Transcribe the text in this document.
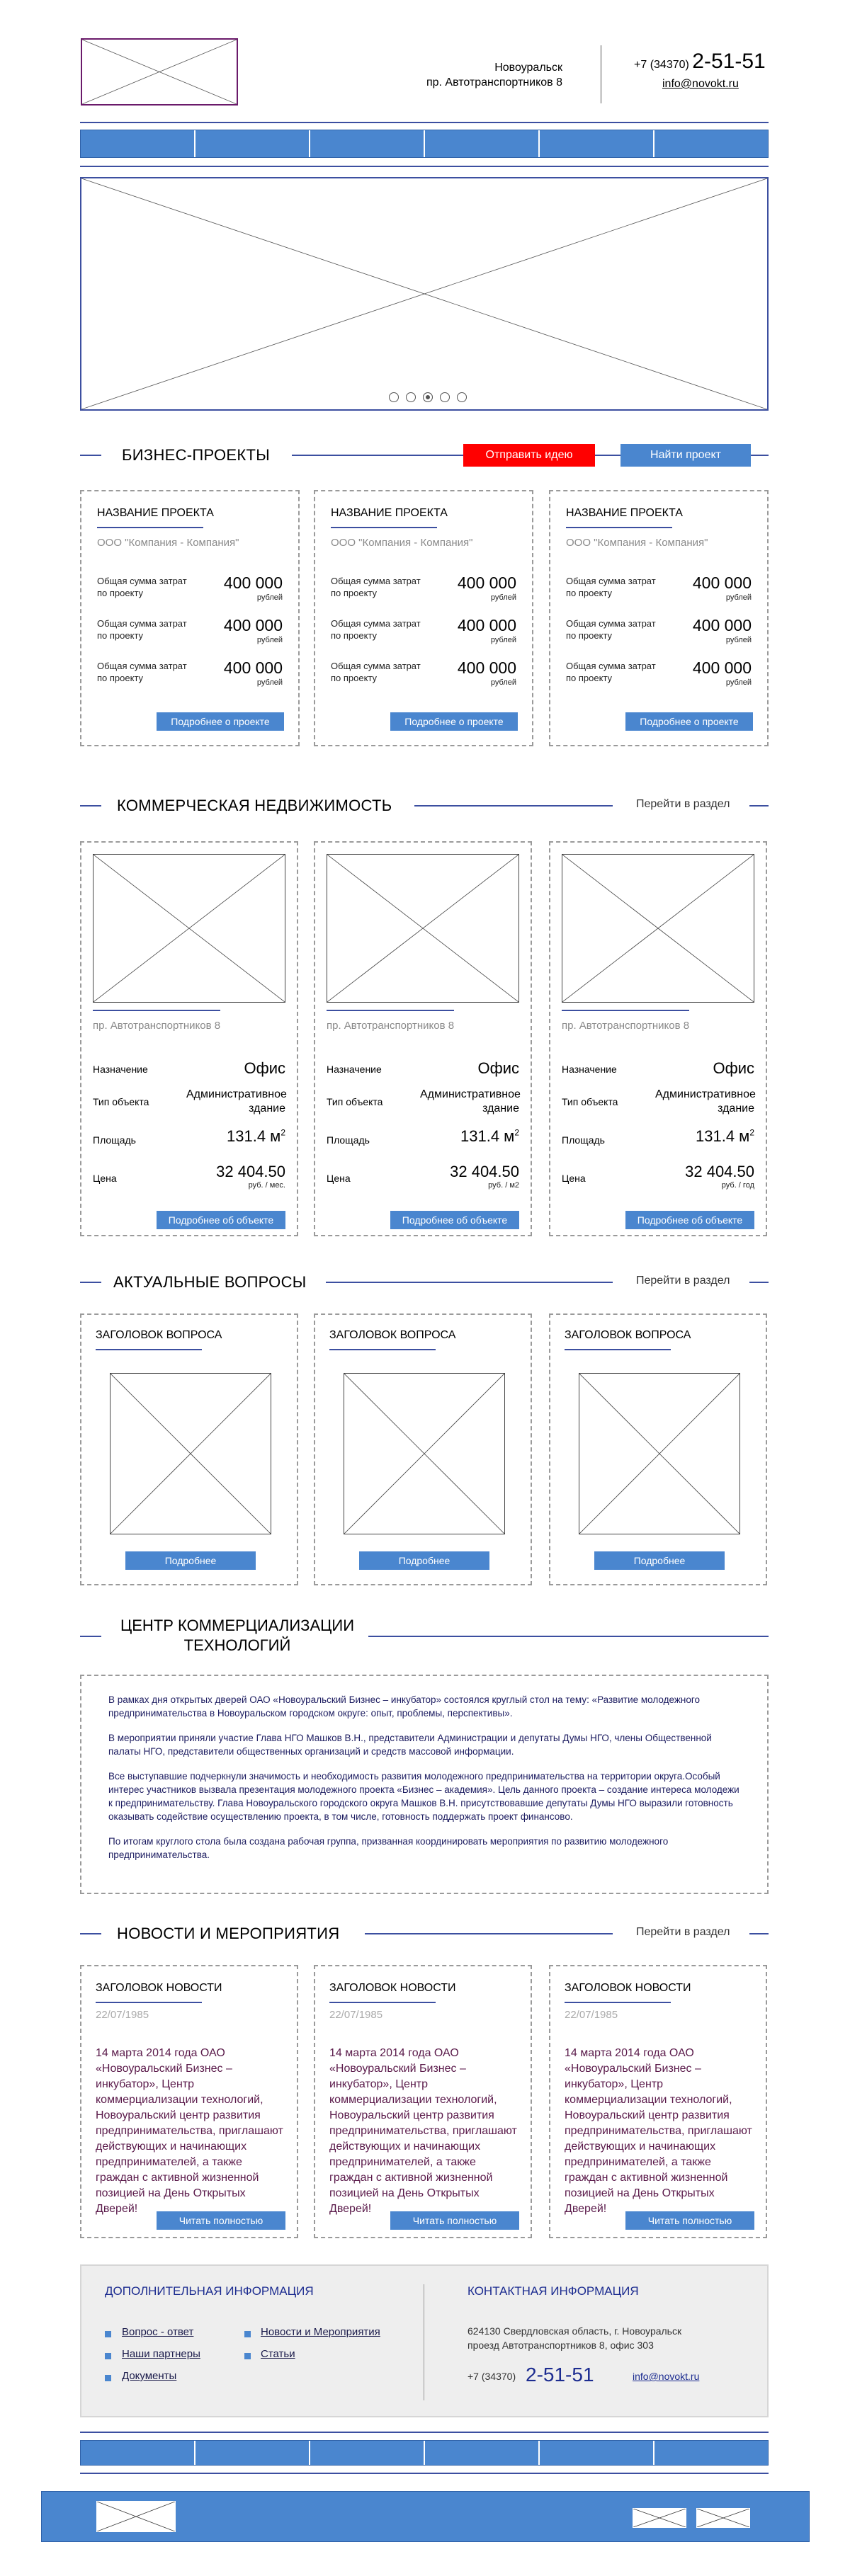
Новоуральск
пр. Автотранспортников 8
+7 (34370) 2-51-51
info@novokt.ru
БИЗНЕС-ПРОЕКТЫ	Отправить идею	Найти проект
НАЗВАНИЕ ПРОЕКТА
ООО "Компания - Компания"
Общая сумма затрат по проекту
400 000
рублей
Общая сумма затрат по проекту
400 000
рублей
Общая сумма затрат по проекту
400 000
рублей
Подробнее о проекте
НАЗВАНИЕ ПРОЕКТА
ООО "Компания - Компания"
Общая сумма затрат по проекту
400 000
рублей
Общая сумма затрат по проекту
400 000
рублей
Общая сумма затрат по проекту
400 000
рублей
Подробнее о проекте
НАЗВАНИЕ ПРОЕКТА
ООО "Компания - Компания"
Общая сумма затрат по проекту
400 000
рублей
Общая сумма затрат по проекту
400 000
рублей
Общая сумма затрат по проекту
400 000
рублей
Подробнее о проекте
КОММЕРЧЕСКАЯ НЕДВИЖИМОСТЬ	Перейти в раздел
пр. Автотранспортников 8
Назначение	Офис
Тип объекта
Административное здание
Площадь	131.4 $м^2$
Цена	32 404.50
руб. / мес.
Подробнее об объекте
пр. Автотранспортников 8
Назначение	Офис
Тип объекта
Административное здание
Площадь	131.4 $м^2$
Цена	32 404.50
руб. / м2
Подробнее об объекте
пр. Автотранспортников 8
Назначение	Офис
Тип объекта
Административное здание
Площадь	131.4 $м^2$
Цена	32 404.50
руб. / год
Подробнее об объекте
АКТУАЛЬНЫЕ ВОПРОСЫ	Перейти в раздел
ЗАГОЛОВОК ВОПРОСА
Подробнее
ЗАГОЛОВОК ВОПРОСА
Подробнее
ЗАГОЛОВОК ВОПРОСА
Подробнее
ЦЕНТР КОММЕРЦИАЛИЗАЦИИ
ТЕХНОЛОГИЙ

В рамках дня открытых дверей ОАО «Новоуральский Бизнес – инкубатор» состоялся круглый стол на тему: «Развитие молодежного предпринимательства в Новоуральском городском округе: опыт, проблемы, перспективы».

В мероприятии приняли участие Глава НГО Машков В.Н., представители Администрации и депутаты Думы НГО, члены Общественной палаты НГО, представители общественных организаций и средств массовой информации.

Все выступавшие подчеркнули значимость и необходимость развития молодежного предпринимательства на территории округа.Особый интерес участников вызвала презентация молодежного проекта «Бизнес – академия». Цель данного проекта – создание интереса молодежи к предпринимательству. Глава Новоуральского городского округа Машков В.Н. присутствовавшие депутаты Думы НГО выразили готовность оказывать содействие осуществлению проекта, в том числе, готовность поддержать проект финансово.

По итогам круглого стола была создана рабочая группа, призванная координировать мероприятия по развитию молодежного предпринимательства.

НОВОСТИ И МЕРОПРИЯТИЯ	Перейти в раздел
ЗАГОЛОВОК НОВОСТИ
22/07/1985
14 марта 2014 года ОАО «Новоуральский Бизнес – инкубатор», Центр коммерциализации технологий, Новоуральский центр развития предпринимательства, приглашают действующих и начинающих предпринимателей, а также граждан с активной жизненной позицией на День Открытых Дверей!
Читать полностью
ЗАГОЛОВОК НОВОСТИ
22/07/1985
14 марта 2014 года ОАО «Новоуральский Бизнес – инкубатор», Центр коммерциализации технологий, Новоуральский центр развития предпринимательства, приглашают действующих и начинающих предпринимателей, а также граждан с активной жизненной позицией на День Открытых Дверей!
Читать полностью
ЗАГОЛОВОК НОВОСТИ
22/07/1985
14 марта 2014 года ОАО «Новоуральский Бизнес – инкубатор», Центр коммерциализации технологий, Новоуральский центр развития предпринимательства, приглашают действующих и начинающих предпринимателей, а также граждан с активной жизненной позицией на День Открытых Дверей!
Читать полностью
ДОПОЛНИТЕЛЬНАЯ ИНФОРМАЦИЯ
Вопрос - ответ
Наши партнеры
Документы
Новости и Мероприятия
Статьи
КОНТАКТНАЯ ИНФОРМАЦИЯ
624130 Свердловская область, г. Новоуральск
проезд Автотранспортников 8, офис 303
+7 (34370) 2-51-51	info@novokt.ru
